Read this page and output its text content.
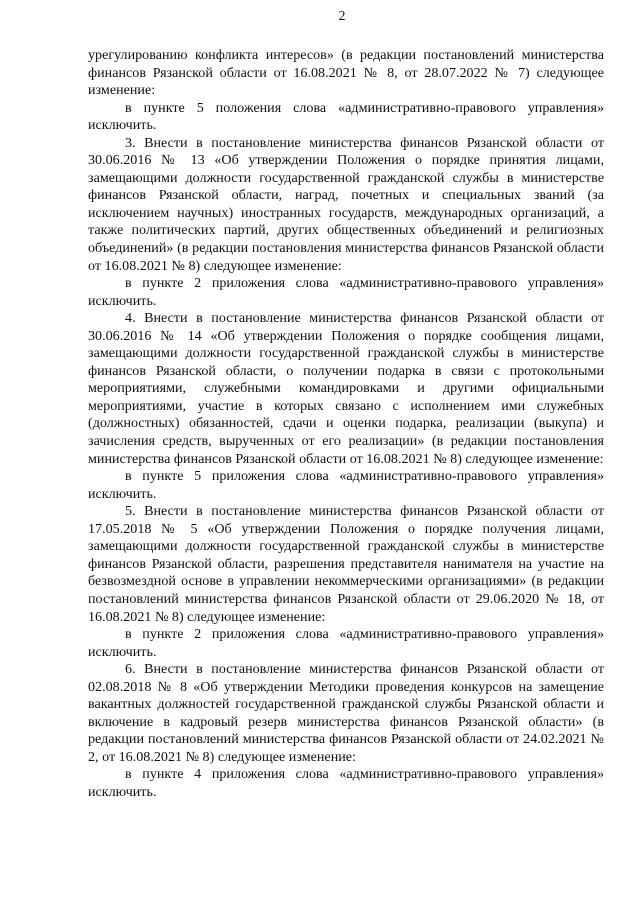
2

урегулированию конфликта интересов» (в редакции постановлений министерства финансов Рязанской области от 16.08.2021 № 8, от 28.07.2022 № 7) следующее изменение:

в пункте 5 положения слова «административно-правового управления» исключить.

3. Внести в постановление министерства финансов Рязанской области от 30.06.2016 № 13 «Об утверждении Положения о порядке принятия лицами, замещающими должности государственной гражданской службы в министерстве финансов Рязанской области, наград, почетных и специальных званий (за исключением научных) иностранных государств, международных организаций, а также политических партий, других общественных объединений и религиозных объединений» (в редакции постановления министерства финансов Рязанской области от 16.08.2021 № 8) следующее изменение:

в пункте 2 приложения слова «административно-правового управления» исключить.

4. Внести в постановление министерства финансов Рязанской области от 30.06.2016 № 14 «Об утверждении Положения о порядке сообщения лицами, замещающими должности государственной гражданской службы в министерстве финансов Рязанской области, о получении подарка в связи с протокольными мероприятиями, служебными командировками и другими официальными мероприятиями, участие в которых связано с исполнением ими служебных (должностных) обязанностей, сдачи и оценки подарка, реализации (выкупа) и зачисления средств, вырученных от его реализации» (в редакции постановления министерства финансов Рязанской области от 16.08.2021 № 8) следующее изменение:

в пункте 5 приложения слова «административно-правового управления» исключить.

5. Внести в постановление министерства финансов Рязанской области от 17.05.2018 № 5 «Об утверждении Положения о порядке получения лицами, замещающими должности государственной гражданской службы в министерстве финансов Рязанской области, разрешения представителя нанимателя на участие на безвозмездной основе в управлении некоммерческими организациями» (в редакции постановлений министерства финансов Рязанской области от 29.06.2020 № 18, от 16.08.2021 № 8) следующее изменение:

в пункте 2 приложения слова «административно-правового управления» исключить.

6. Внести в постановление министерства финансов Рязанской области от 02.08.2018 № 8 «Об утверждении Методики проведения конкурсов на замещение вакантных должностей государственной гражданской службы Рязанской области и включение в кадровый резерв министерства финансов Рязанской области» (в редакции постановлений министерства финансов Рязанской области от 24.02.2021 № 2, от 16.08.2021 № 8) следующее изменение:

в пункте 4 приложения слова «административно-правового управления» исключить.
